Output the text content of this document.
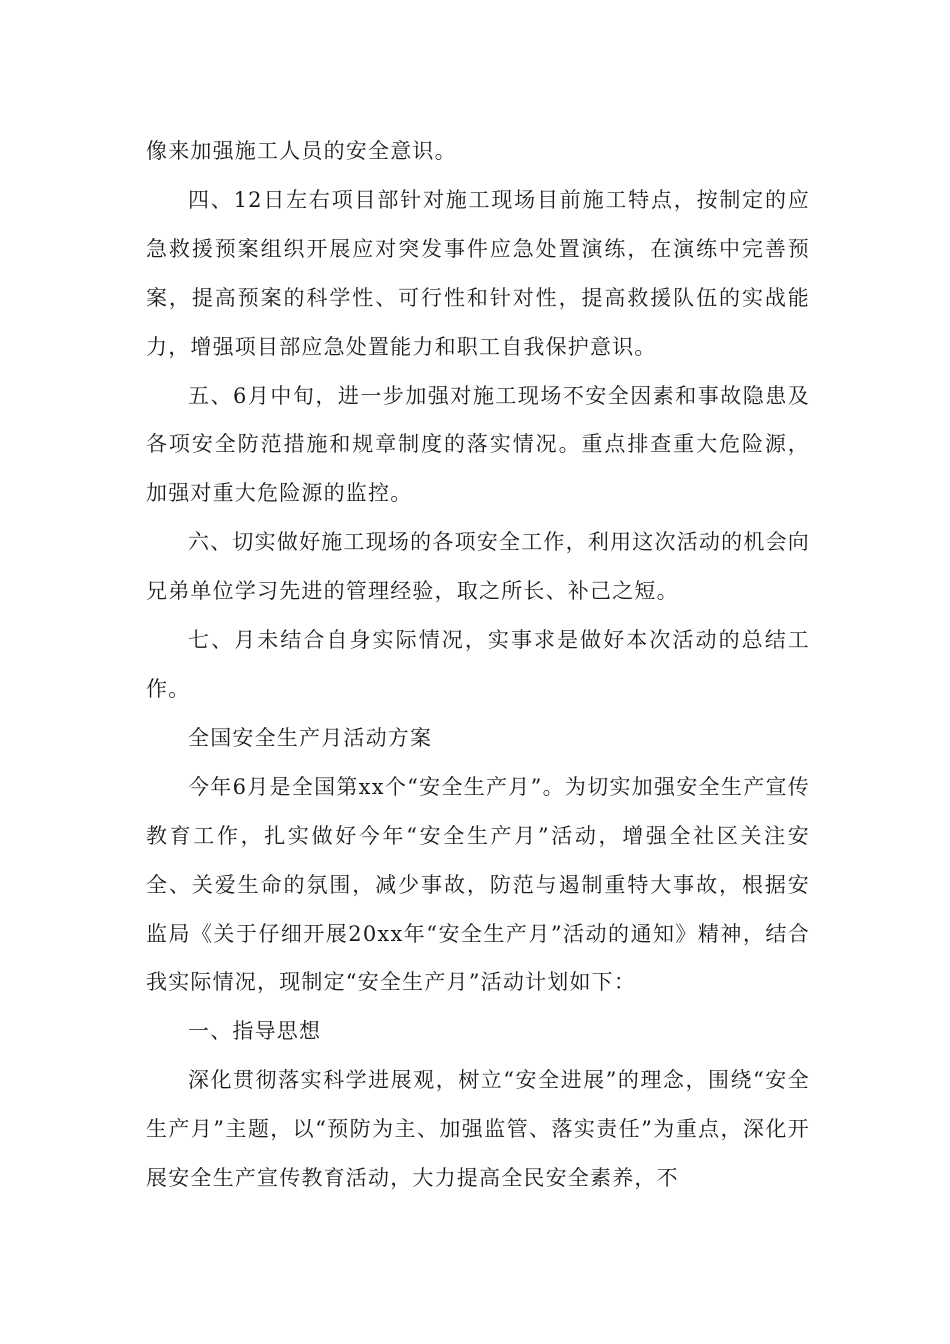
像来加强施工人员的安全意识。

四、12日左右项目部针对施工现场目前施工特点，按制定的应急救援预案组织开展应对突发事件应急处置演练，在演练中完善预案，提高预案的科学性、可行性和针对性，提高救援队伍的实战能力，增强项目部应急处置能力和职工自我保护意识。

五、6月中旬，进一步加强对施工现场不安全因素和事故隐患及各项安全防范措施和规章制度的落实情况。重点排查重大危险源，加强对重大危险源的监控。

六、切实做好施工现场的各项安全工作，利用这次活动的机会向兄弟单位学习先进的管理经验，取之所长、补己之短。

七、月未结合自身实际情况，实事求是做好本次活动的总结工作。

全国安全生产月活动方案

今年6月是全国第xx个“安全生产月”。为切实加强安全生产宣传教育工作，扎实做好今年“安全生产月”活动，增强全社区关注安全、关爱生命的氛围，减少事故，防范与遏制重特大事故，根据安监局《关于仔细开展20xx年“安全生产月”活动的通知》精神，结合我实际情况，现制定“安全生产月”活动计划如下：

一、指导思想

深化贯彻落实科学进展观，树立“安全进展”的理念，围绕“安全生产月”主题，以“预防为主、加强监管、落实责任”为重点，深化开展安全生产宣传教育活动，大力提高全民安全素养，不
